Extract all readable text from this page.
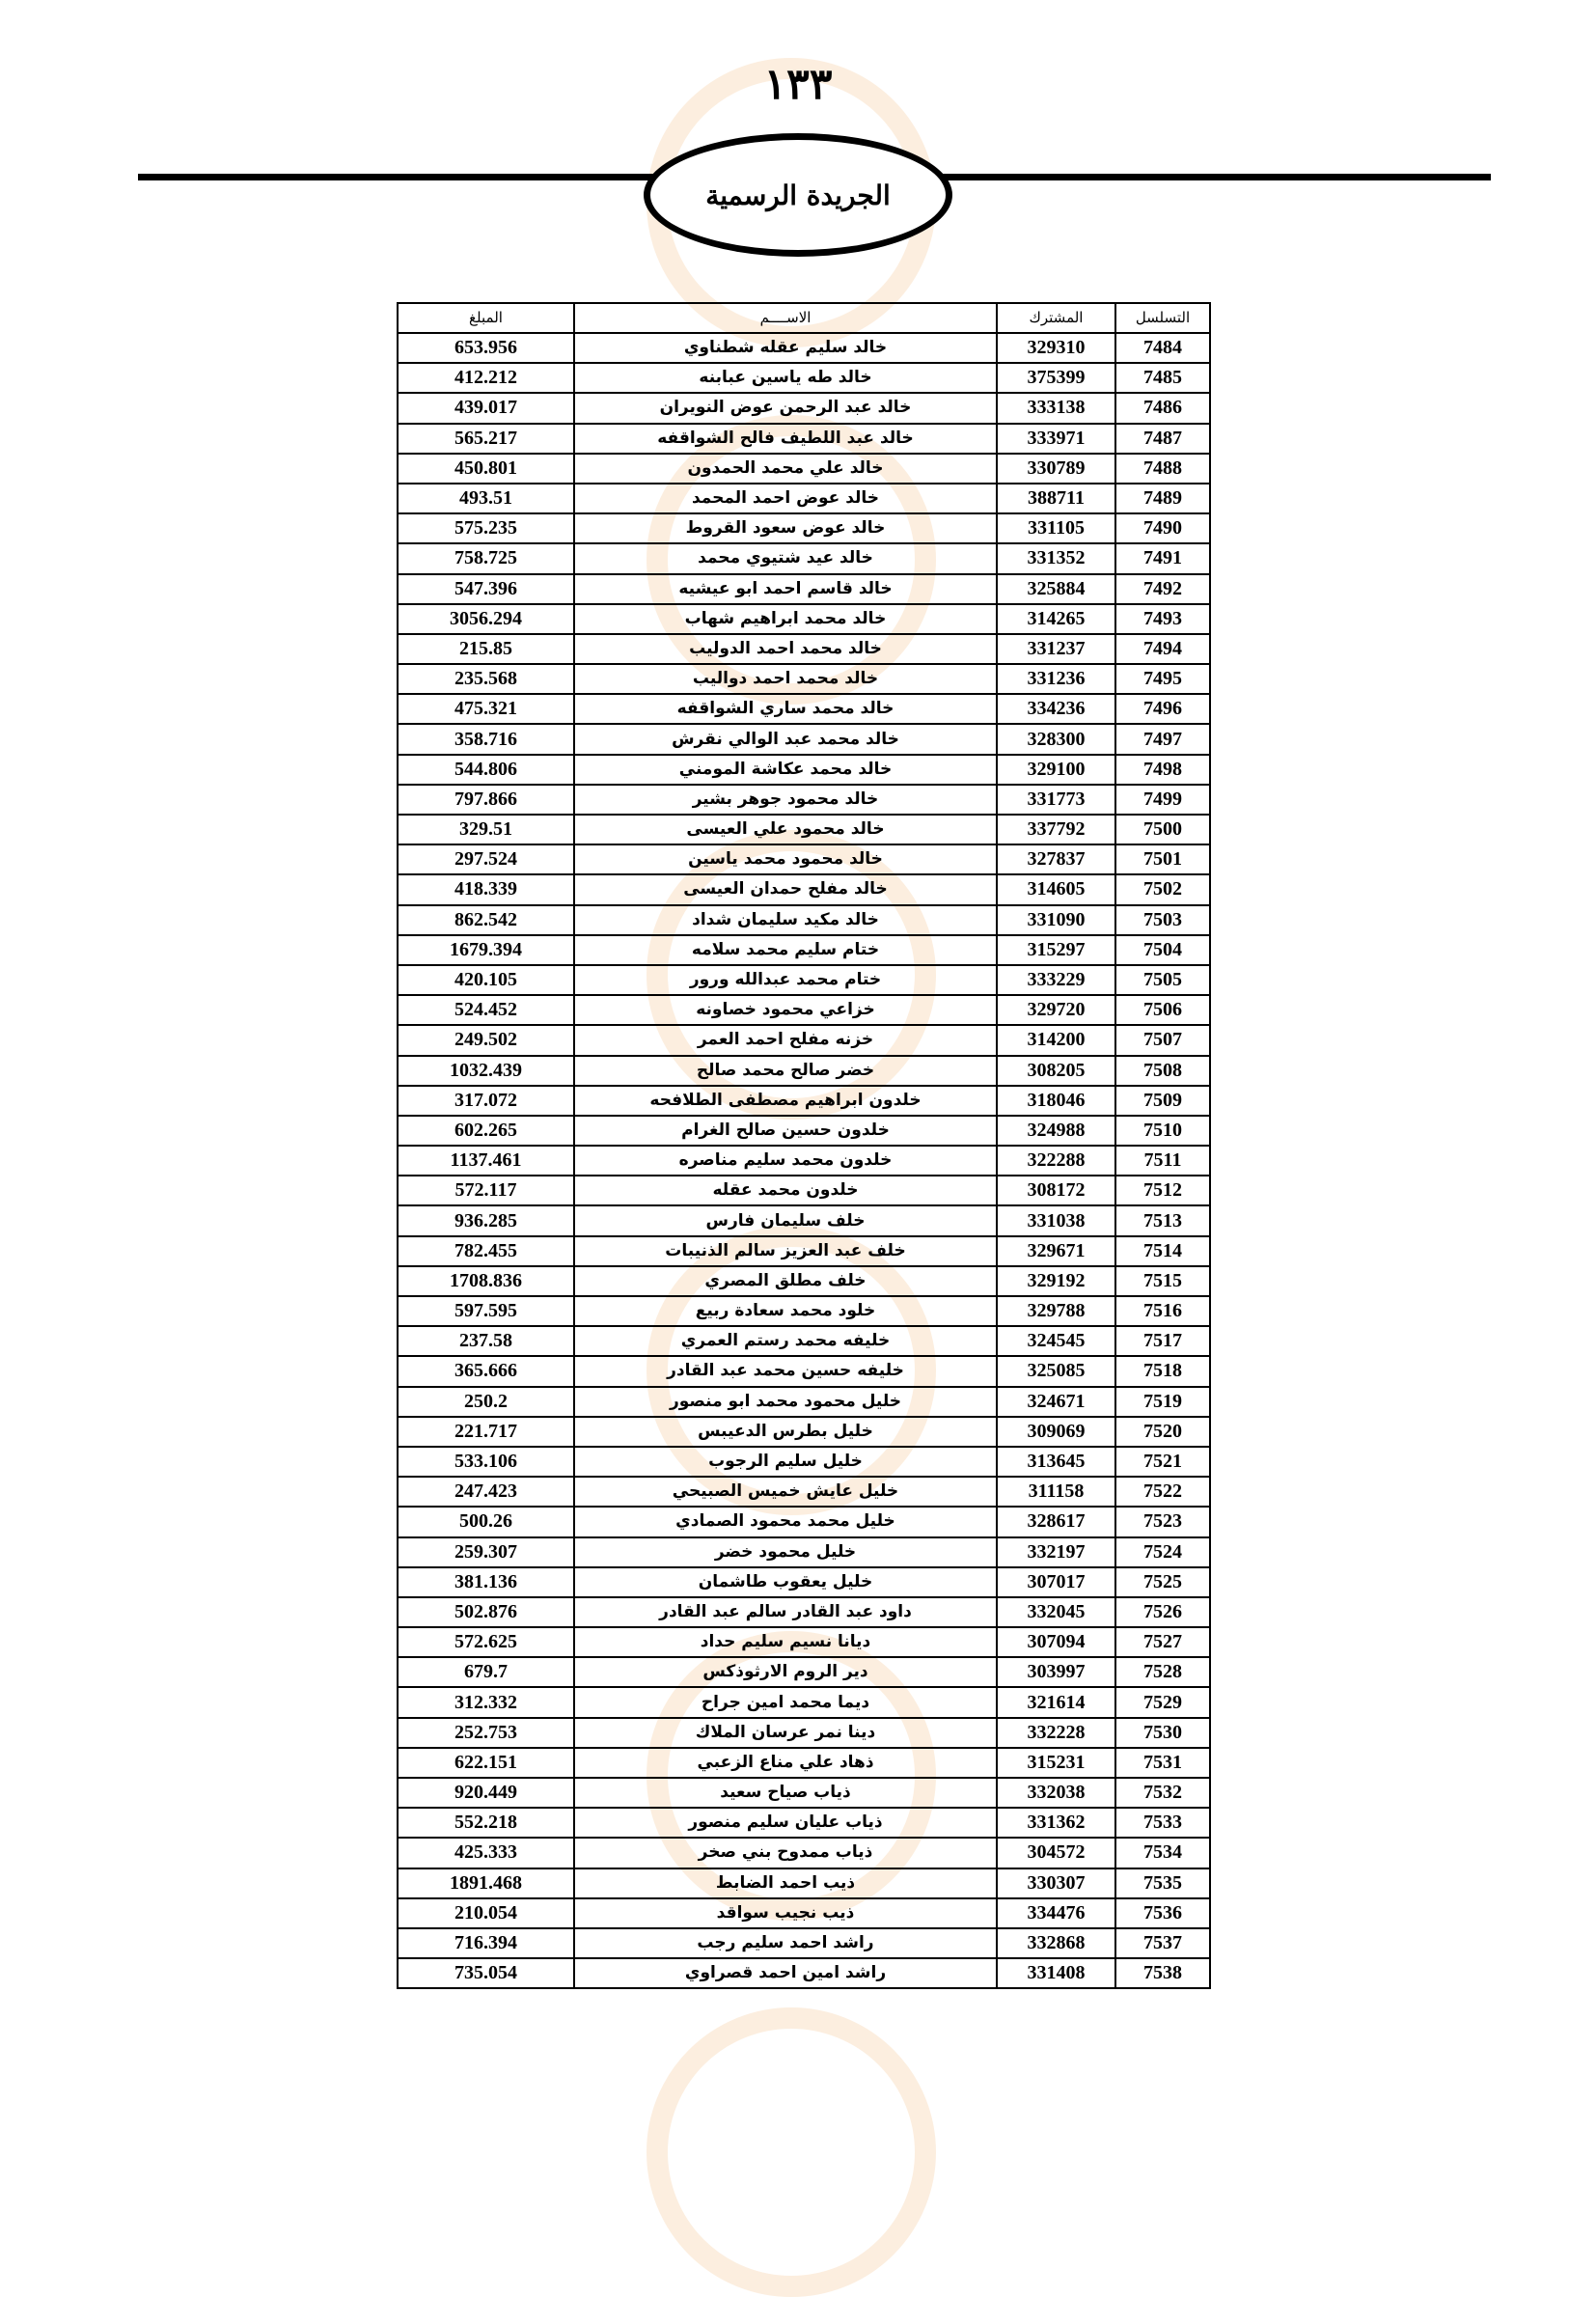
١٣٣
الجريدة الرسمية
التسلسل	المشترك	الاســــم	المبلغ
7484	329310	خالد سليم عقله شطناوي	653.956
7485	375399	خالد طه ياسين عبابنه	412.212
7486	333138	خالد عبد الرحمن عوض النويران	439.017
7487	333971	خالد عبد اللطيف فالح الشواقفه	565.217
7488	330789	خالد علي محمد الحمدون	450.801
7489	388711	خالد عوض احمد المحمد	493.51
7490	331105	خالد عوض سعود القروط	575.235
7491	331352	خالد عيد شتيوي محمد	758.725
7492	325884	خالد قاسم احمد ابو عيشيه	547.396
7493	314265	خالد محمد ابراهيم شهاب	3056.294
7494	331237	خالد محمد احمد الدوليب	215.85
7495	331236	خالد محمد احمد دواليب	235.568
7496	334236	خالد محمد ساري الشواقفه	475.321
7497	328300	خالد محمد عبد الوالي نقرش	358.716
7498	329100	خالد محمد عكاشة المومني	544.806
7499	331773	خالد محمود جوهر بشير	797.866
7500	337792	خالد محمود علي العيسى	329.51
7501	327837	خالد محمود محمد ياسين	297.524
7502	314605	خالد مفلح حمدان العيسى	418.339
7503	331090	خالد مكيد سليمان شداد	862.542
7504	315297	ختام سليم محمد سلامه	1679.394
7505	333229	ختام محمد عبدالله ورور	420.105
7506	329720	خزاعي محمود خصاونه	524.452
7507	314200	خزنه مفلح احمد العمر	249.502
7508	308205	خضر صالح محمد صالح	1032.439
7509	318046	خلدون ابراهيم مصطفى الطلافحه	317.072
7510	324988	خلدون حسين صالح الغرام	602.265
7511	322288	خلدون محمد سليم مناصره	1137.461
7512	308172	خلدون محمد عقله	572.117
7513	331038	خلف سليمان فارس	936.285
7514	329671	خلف عبد العزيز سالم الذنيبات	782.455
7515	329192	خلف مطلق المصري	1708.836
7516	329788	خلود محمد سعادة ربيع	597.595
7517	324545	خليفه محمد رستم العمري	237.58
7518	325085	خليفه حسين محمد عبد القادر	365.666
7519	324671	خليل محمود محمد ابو منصور	250.2
7520	309069	خليل بطرس الدعيبس	221.717
7521	313645	خليل سليم الرجوب	533.106
7522	311158	خليل عايش خميس الصبيحي	247.423
7523	328617	خليل محمد محمود الصمادي	500.26
7524	332197	خليل محمود خضر	259.307
7525	307017	خليل يعقوب طاشمان	381.136
7526	332045	داود عبد القادر سالم عبد القادر	502.876
7527	307094	ديانا نسيم سليم حداد	572.625
7528	303997	دير الروم الارثوذكس	679.7
7529	321614	ديما محمد امين جراح	312.332
7530	332228	دينا نمر عرسان الملاك	252.753
7531	315231	ذهاد علي مناع الزعبي	622.151
7532	332038	ذياب صياح سعيد	920.449
7533	331362	ذياب عليان سليم منصور	552.218
7534	304572	ذياب ممدوح بني صخر	425.333
7535	330307	ذيب احمد الضابط	1891.468
7536	334476	ذيب نجيب سواقد	210.054
7537	332868	راشد احمد سليم رجب	716.394
7538	331408	راشد امين احمد قصراوي	735.054
